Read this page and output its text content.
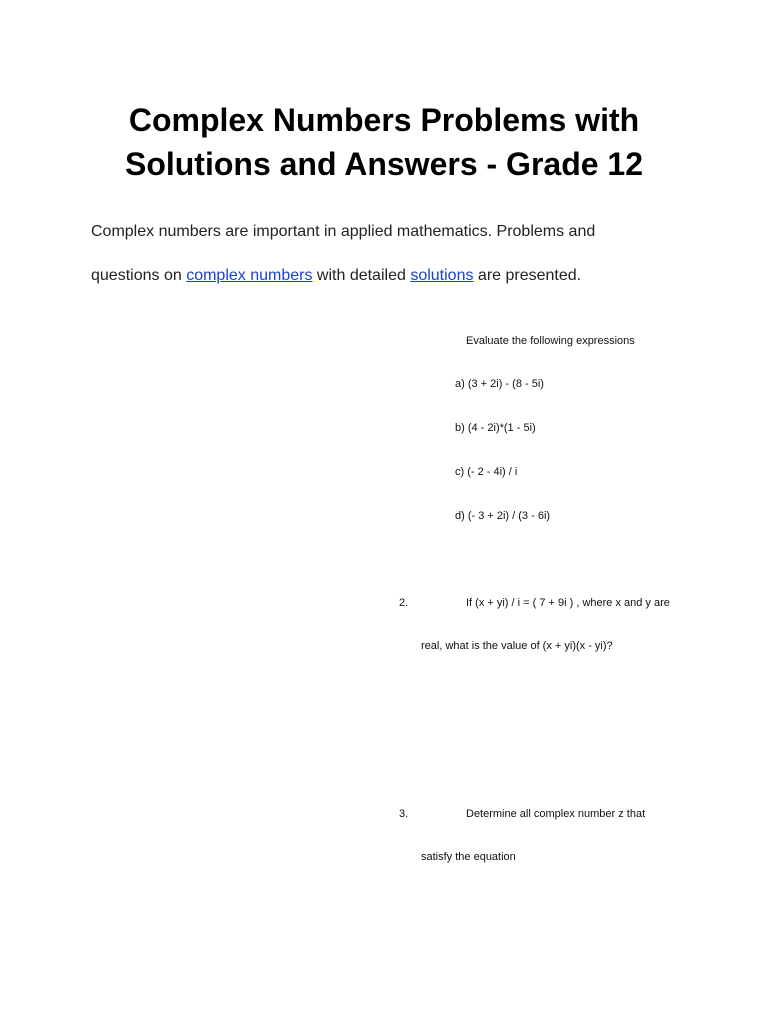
Complex Numbers Problems with
Solutions and Answers - Grade 12

Complex numbers are important in applied mathematics. Problems and

questions on complex numbers with detailed solutions are presented.

Evaluate the following expressions

a) (3 + 2i) - (8 - 5i)

b) (4 - 2i)*(1 - 5i)

c) (- 2 - 4i) / i

d) (- 3 + 2i) / (3 - 6i)

2.	If (x + yi) / i = ( 7 + 9i ) , where x and y are

real, what is the value of (x + yi)(x - yi)?

3.	Determine all complex number z that

satisfy the equation
